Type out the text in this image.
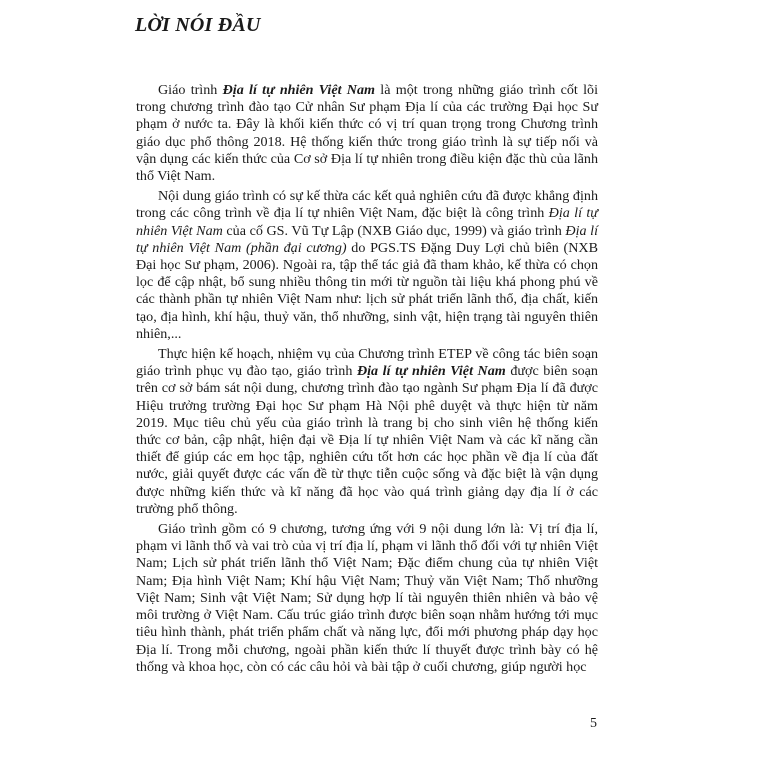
LỜI NÓI ĐẦU

Giáo trình Địa lí tự nhiên Việt Nam là một trong những giáo trình cốt lõi trong chương trình đào tạo Cử nhân Sư phạm Địa lí của các trường Đại học Sư phạm ở nước ta. Đây là khối kiến thức có vị trí quan trọng trong Chương trình giáo dục phổ thông 2018. Hệ thống kiến thức trong giáo trình là sự tiếp nối và vận dụng các kiến thức của Cơ sở Địa lí tự nhiên trong điều kiện đặc thù của lãnh thổ Việt Nam.

Nội dung giáo trình có sự kế thừa các kết quả nghiên cứu đã được khẳng định trong các công trình về địa lí tự nhiên Việt Nam, đặc biệt là công trình Địa lí tự nhiên Việt Nam của cố GS. Vũ Tự Lập (NXB Giáo dục, 1999) và giáo trình Địa lí tự nhiên Việt Nam (phần đại cương) do PGS.TS Đặng Duy Lợi chủ biên (NXB Đại học Sư phạm, 2006). Ngoài ra, tập thể tác giả đã tham khảo, kế thừa có chọn lọc để cập nhật, bổ sung nhiều thông tin mới từ nguồn tài liệu khá phong phú về các thành phần tự nhiên Việt Nam như: lịch sử phát triển lãnh thổ, địa chất, kiến tạo, địa hình, khí hậu, thuỷ văn, thổ nhưỡng, sinh vật, hiện trạng tài nguyên thiên nhiên,...

Thực hiện kế hoạch, nhiệm vụ của Chương trình ETEP về công tác biên soạn giáo trình phục vụ đào tạo, giáo trình Địa lí tự nhiên Việt Nam được biên soạn trên cơ sở bám sát nội dung, chương trình đào tạo ngành Sư phạm Địa lí đã được Hiệu trưởng trường Đại học Sư phạm Hà Nội phê duyệt và thực hiện từ năm 2019. Mục tiêu chủ yếu của giáo trình là trang bị cho sinh viên hệ thống kiến thức cơ bản, cập nhật, hiện đại về Địa lí tự nhiên Việt Nam và các kĩ năng cần thiết để giúp các em học tập, nghiên cứu tốt hơn các học phần về địa lí của đất nước, giải quyết được các vấn đề từ thực tiễn cuộc sống và đặc biệt là vận dụng được những kiến thức và kĩ năng đã học vào quá trình giảng dạy địa lí ở các trường phổ thông.

Giáo trình gồm có 9 chương, tương ứng với 9 nội dung lớn là: Vị trí địa lí, phạm vi lãnh thổ và vai trò của vị trí địa lí, phạm vi lãnh thổ đối với tự nhiên Việt Nam; Lịch sử phát triển lãnh thổ Việt Nam; Đặc điểm chung của tự nhiên Việt Nam; Địa hình Việt Nam; Khí hậu Việt Nam; Thuỷ văn Việt Nam; Thổ nhưỡng Việt Nam; Sinh vật Việt Nam; Sử dụng hợp lí tài nguyên thiên nhiên và bảo vệ môi trường ở Việt Nam. Cấu trúc giáo trình được biên soạn nhằm hướng tới mục tiêu hình thành, phát triển phẩm chất và năng lực, đổi mới phương pháp dạy học Địa lí. Trong mỗi chương, ngoài phần kiến thức lí thuyết được trình bày có hệ thống và khoa học, còn có các câu hỏi và bài tập ở cuối chương, giúp người học

5
